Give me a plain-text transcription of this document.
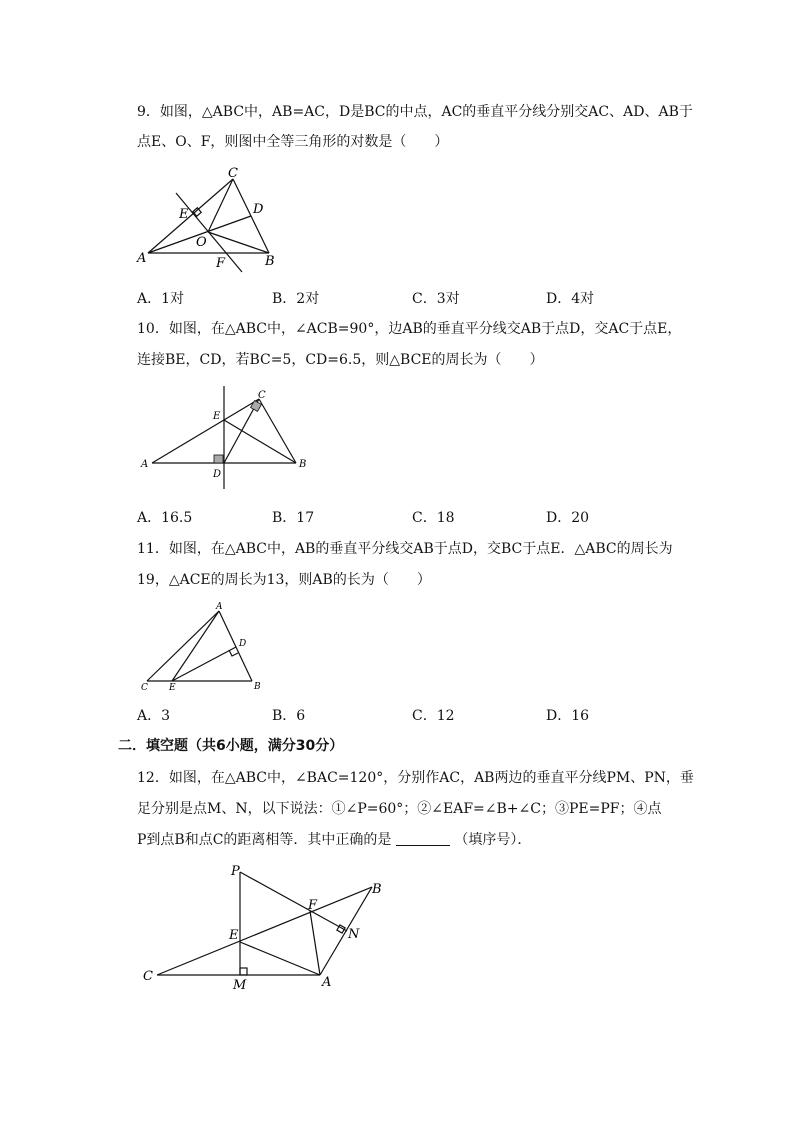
9．如图，△ABC中，AB=AC，D是BC的中点，AC的垂直平分线分别交AC、AD、AB于
点E、O、F，则图中全等三角形的对数是（　　）
C
D
E
O
A	F	B
A．1对	B．2对	C．3对	D．4对
10．如图，在△ABC中，∠ACB=90°，边AB的垂直平分线交AB于点D，交AC于点E，
连接BE，CD，若BC=5，CD=6.5，则△BCE的周长为（　　）
C
E
A
D
B
A．16.5	B．17	C．18	D．20
11．如图，在△ABC中，AB的垂直平分线交AB于点D，交BC于点E．△ABC的周长为
19，△ACE的周长为13，则AB的长为（　　）
A
D
C E	B
A．3	B．6	C．12	D．16
二．填空题（共6小题，满分30分）
12．如图，在△ABC中，∠BAC=120°，分别作AC，AB两边的垂直平分线PM、PN，垂
足分别是点M、N，以下说法：①∠P=60°；②∠EAF=∠B+∠C；③PE=PF；④点
P到点B和点C的距离相等．其中正确的是	（填序号）．
P
B
F
E	N
C
M	A
